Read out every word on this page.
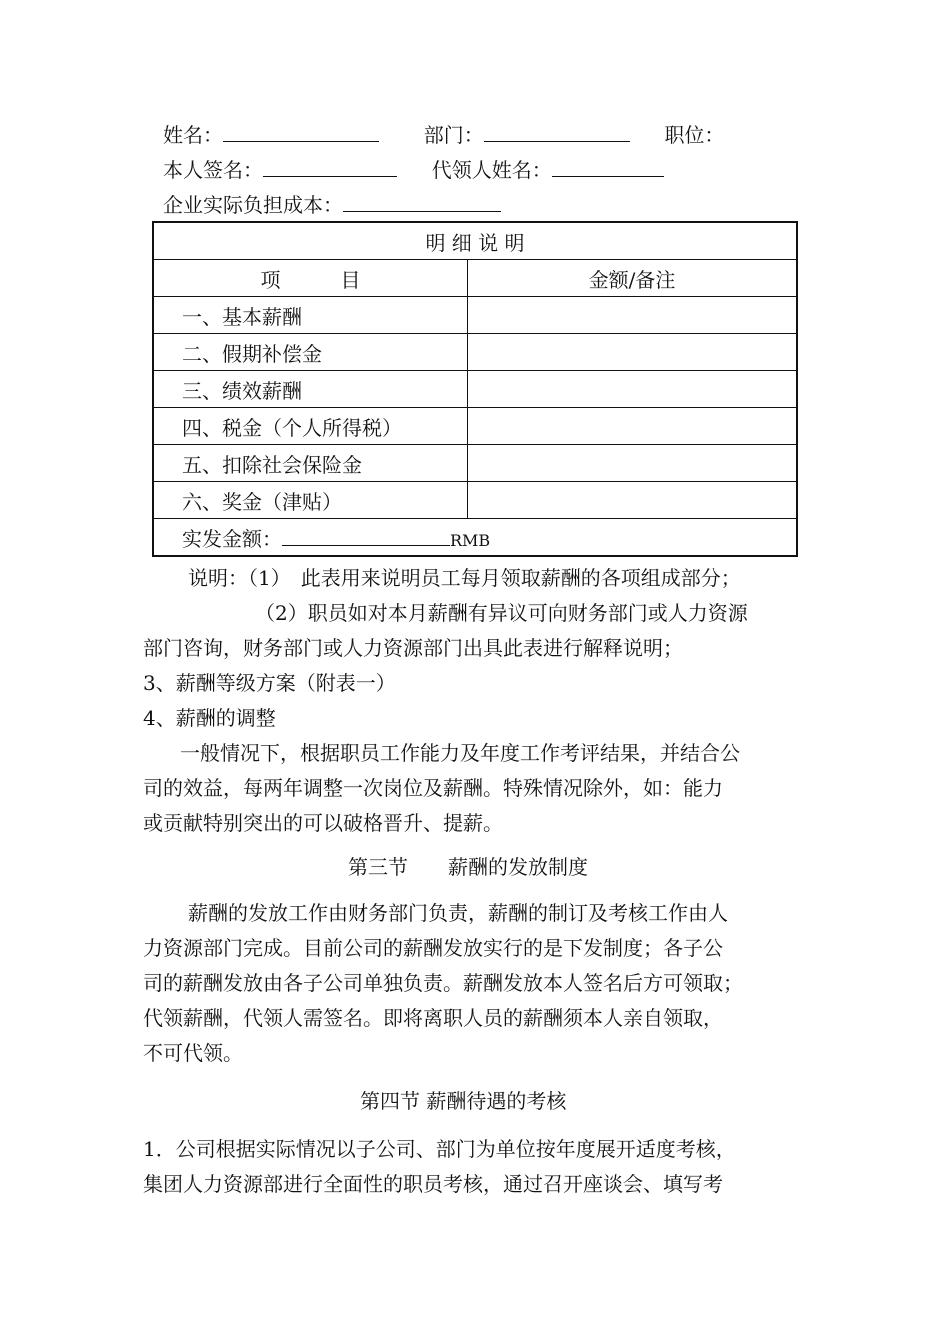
姓名：	部门：	职位：
本人签名：	代领人姓名：
企业实际负担成本：
明 细 说 明	
项　　　目	金额/备注
一、基本薪酬	
二、假期补偿金	
三、绩效薪酬	
四、税金（个人所得税）	
五、扣除社会保险金	
六、奖金（津贴）	
实发金额： RMB	
说明：（1）　此表用来说明员工每月领取薪酬的各项组成部分；
（2）职员如对本月薪酬有异议可向财务部门或人力资源
部门咨询，财务部门或人力资源部门出具此表进行解释说明；
3、薪酬等级方案（附表一）
4、薪酬的调整
一般情况下，根据职员工作能力及年度工作考评结果，并结合公
司的效益，每两年调整一次岗位及薪酬。特殊情况除外，如：能力
或贡献特别突出的可以破格晋升、提薪。
第三节　　薪酬的发放制度
薪酬的发放工作由财务部门负责，薪酬的制订及考核工作由人
力资源部门完成。目前公司的薪酬发放实行的是下发制度；各子公
司的薪酬发放由各子公司单独负责。薪酬发放本人签名后方可领取；
代领薪酬，代领人需签名。即将离职人员的薪酬须本人亲自领取，
不可代领。
第四节 薪酬待遇的考核
1．公司根据实际情况以子公司、部门为单位按年度展开适度考核，
集团人力资源部进行全面性的职员考核，通过召开座谈会、填写考
